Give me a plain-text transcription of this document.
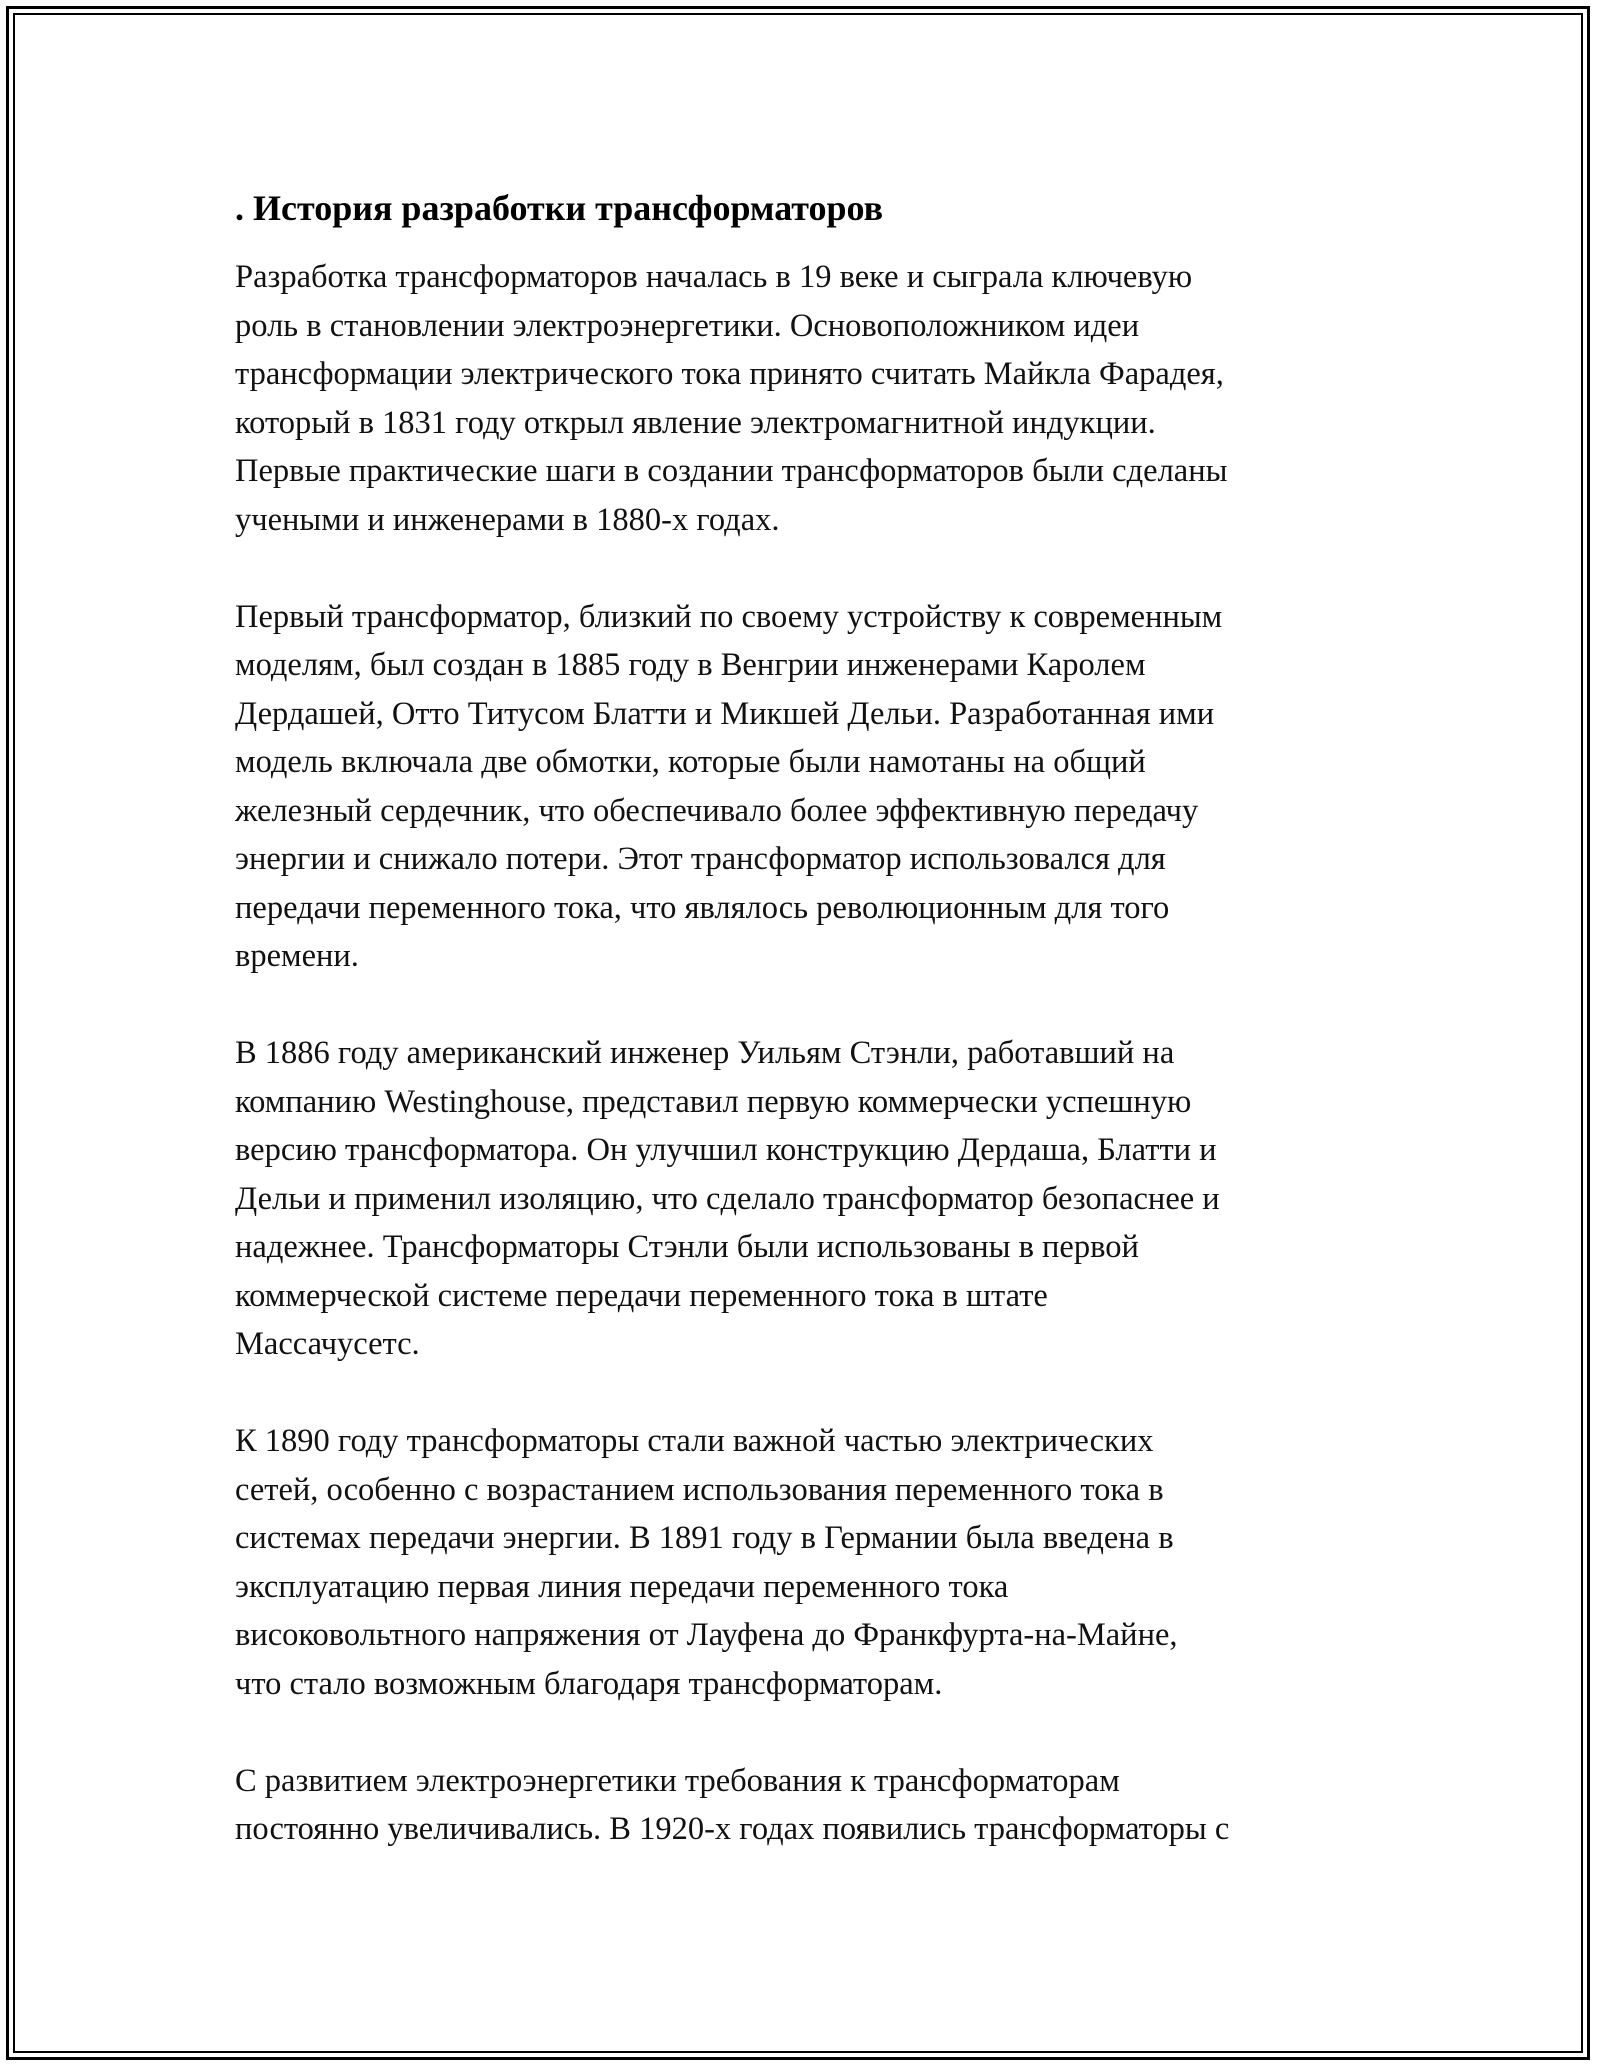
. История разработки трансформаторов

Разработка трансформаторов началась в 19 веке и сыграла ключевую
роль в становлении электроэнергетики. Основоположником идеи
трансформации электрического тока принято считать Майкла Фарадея,
который в 1831 году открыл явление электромагнитной индукции.
Первые практические шаги в создании трансформаторов были сделаны
учеными и инженерами в 1880-х годах.

Первый трансформатор, близкий по своему устройству к современным
моделям, был создан в 1885 году в Венгрии инженерами Каролем
Дердашей, Отто Титусом Блатти и Микшей Дельи. Разработанная ими
модель включала две обмотки, которые были намотаны на общий
железный сердечник, что обеспечивало более эффективную передачу
энергии и снижало потери. Этот трансформатор использовался для
передачи переменного тока, что являлось революционным для того
времени.

В 1886 году американский инженер Уильям Стэнли, работавший на
компанию Westinghouse, представил первую коммерчески успешную
версию трансформатора. Он улучшил конструкцию Дердаша, Блатти и
Дельи и применил изоляцию, что сделало трансформатор безопаснее и
надежнее. Трансформаторы Стэнли были использованы в первой
коммерческой системе передачи переменного тока в штате
Массачусетс.

К 1890 году трансформаторы стали важной частью электрических
сетей, особенно с возрастанием использования переменного тока в
системах передачи энергии. В 1891 году в Германии была введена в
эксплуатацию первая линия передачи переменного тока
високовольтного напряжения от Лауфена до Франкфурта-на-Майне,
что стало возможным благодаря трансформаторам.

С развитием электроэнергетики требования к трансформаторам
постоянно увеличивались. В 1920-х годах появились трансформаторы с
